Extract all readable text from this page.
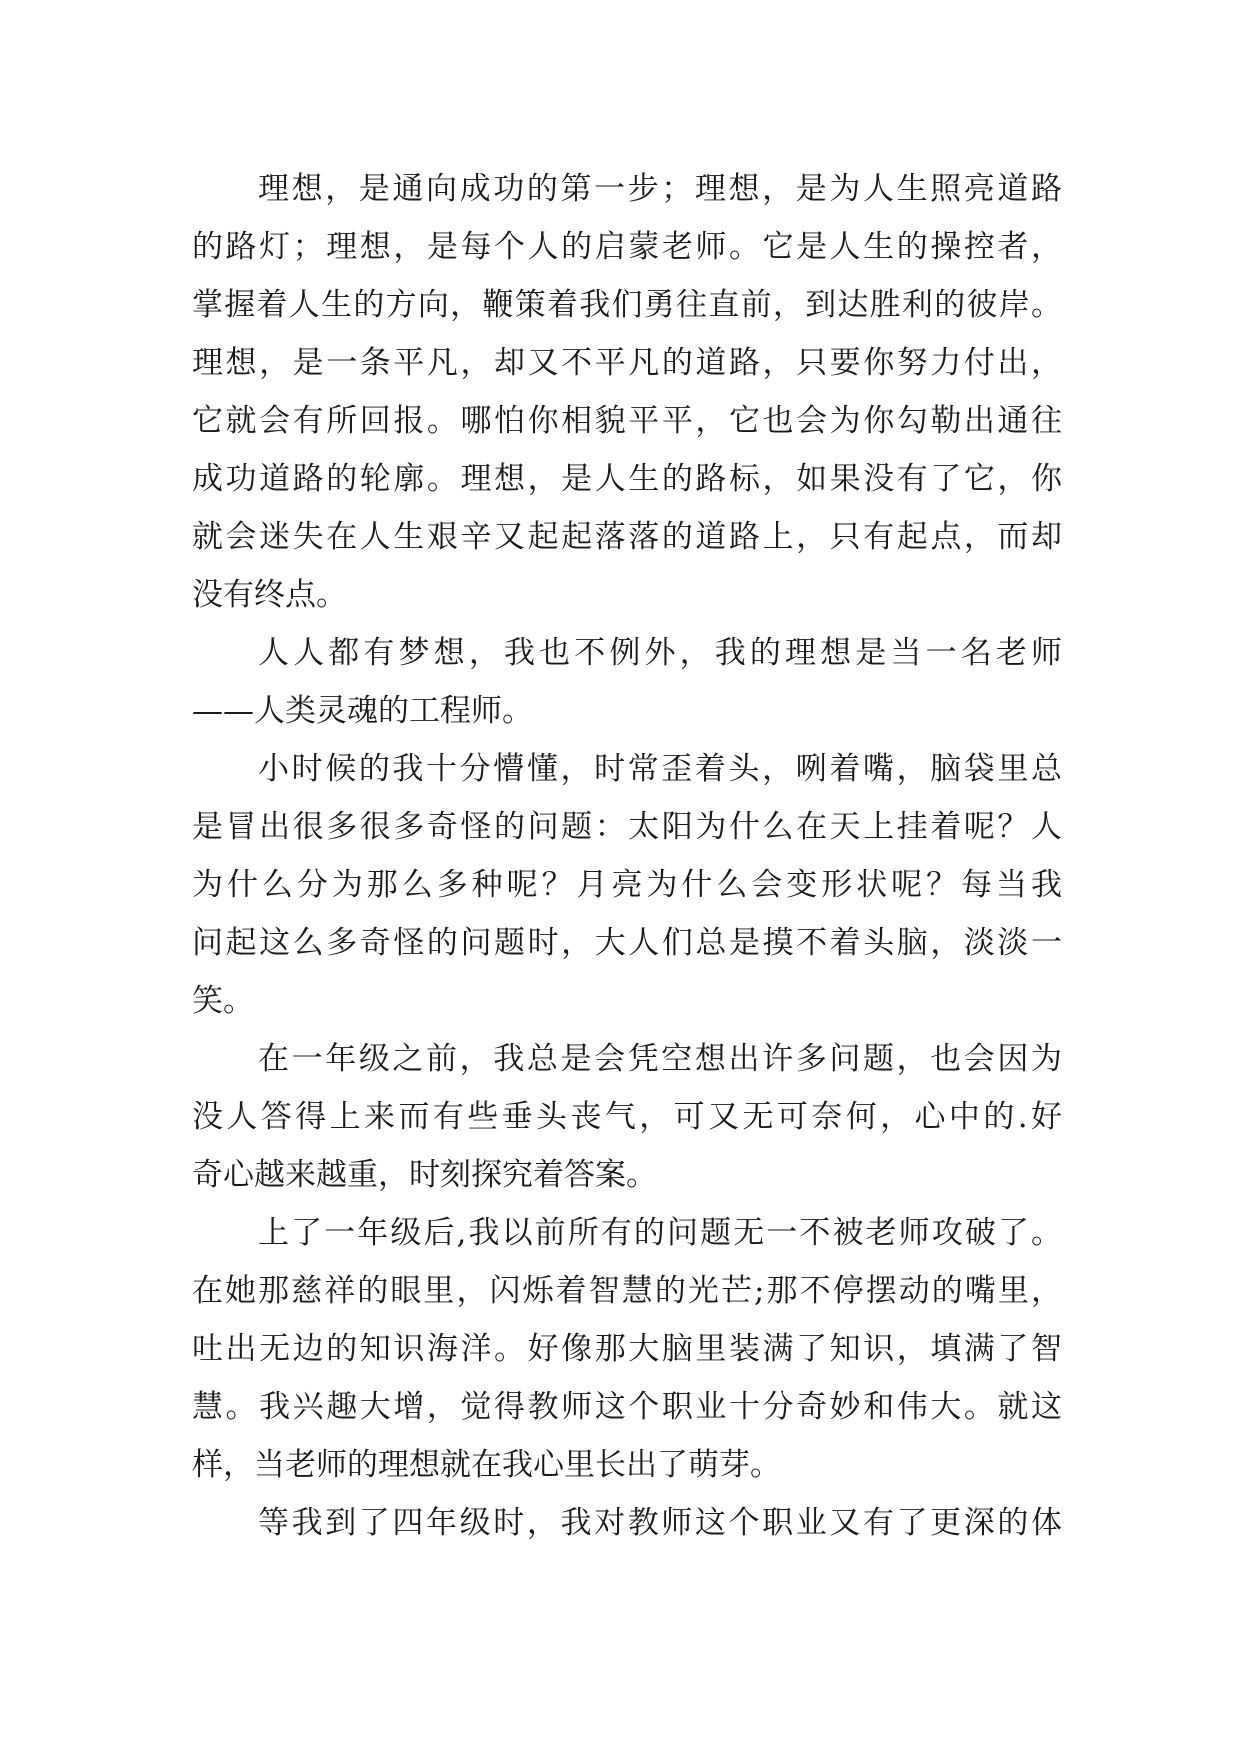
理想，是通向成功的第一步；理想，是为人生照亮道路
的路灯；理想，是每个人的启蒙老师。它是人生的操控者，
掌握着人生的方向，鞭策着我们勇往直前，到达胜利的彼岸。
理想，是一条平凡，却又不平凡的道路，只要你努力付出，
它就会有所回报。哪怕你相貌平平，它也会为你勾勒出通往
成功道路的轮廓。理想，是人生的路标，如果没有了它，你
就会迷失在人生艰辛又起起落落的道路上，只有起点，而却
没有终点。
人人都有梦想，我也不例外，我的理想是当一名老师
——人类灵魂的工程师。
小时候的我十分懵懂，时常歪着头，咧着嘴，脑袋里总
是冒出很多很多奇怪的问题：太阳为什么在天上挂着呢？人
为什么分为那么多种呢？月亮为什么会变形状呢？每当我
问起这么多奇怪的问题时，大人们总是摸不着头脑，淡淡一
笑。
在一年级之前，我总是会凭空想出许多问题，也会因为
没人答得上来而有些垂头丧气，可又无可奈何，心中的.好
奇心越来越重，时刻探究着答案。
上了一年级后,我以前所有的问题无一不被老师攻破了。
在她那慈祥的眼里，闪烁着智慧的光芒;那不停摆动的嘴里，
吐出无边的知识海洋。好像那大脑里装满了知识，填满了智
慧。我兴趣大增，觉得教师这个职业十分奇妙和伟大。就这
样，当老师的理想就在我心里长出了萌芽。
等我到了四年级时，我对教师这个职业又有了更深的体
